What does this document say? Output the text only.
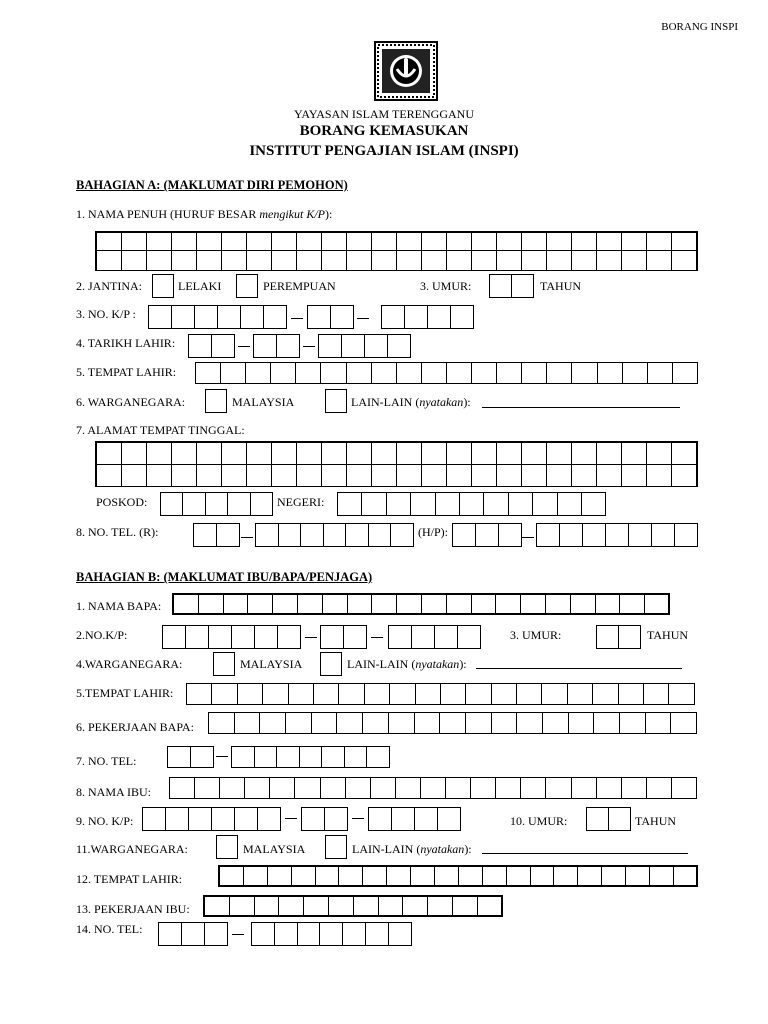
BORANG INSPI
YAYASAN ISLAM TERENGGANU
BORANG KEMASUKAN
INSTITUT PENGAJIAN ISLAM (INSPI)
BAHAGIAN A: (MAKLUMAT DIRI PEMOHON)
1. NAMA PENUH (HURUF BESAR mengikut K/P):
2. JANTINA:	LELAKI	PEREMPUAN	3. UMUR:	TAHUN
3. NO. K/P :
4. TARIKH LAHIR:
5. TEMPAT LAHIR:
6. WARGANEGARA:	MALAYSIA	LAIN-LAIN (nyatakan):
7. ALAMAT TEMPAT TINGGAL:
POSKOD:	NEGERI:
8. NO. TEL. (R):	(H/P):
BAHAGIAN B: (MAKLUMAT IBU/BAPA/PENJAGA)
1. NAMA BAPA:
2.NO.K/P:	3. UMUR:	TAHUN
4.WARGANEGARA:	MALAYSIA	LAIN-LAIN (nyatakan):
5.TEMPAT LAHIR:
6. PEKERJAAN BAPA:
7. NO. TEL:
8. NAMA IBU:
9. NO. K/P:	10. UMUR:	TAHUN
11.WARGANEGARA:	MALAYSIA	LAIN-LAIN (nyatakan):
12. TEMPAT LAHIR:
13. PEKERJAAN IBU:
14. NO. TEL:
